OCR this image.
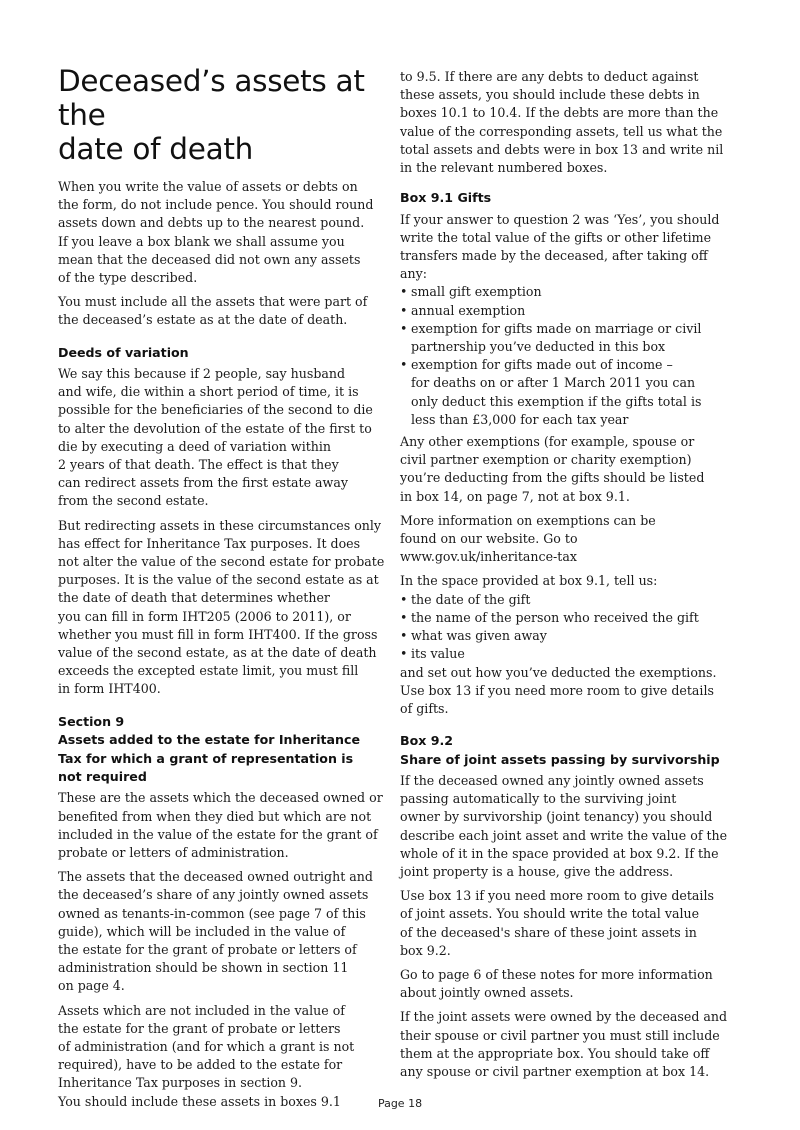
Deceased’s assets at the
date of death

When you write the value of assets or debts on
the form, do not include pence. You should round
assets down and debts up to the nearest pound.
If you leave a box blank we shall assume you
mean that the deceased did not own any assets
of the type described.

You must include all the assets that were part of
the deceased’s estate as at the date of death.

Deeds of variation

We say this because if 2 people, say husband
and wife, die within a short period of time, it is
possible for the beneficiaries of the second to die
to alter the devolution of the estate of the first to
die by executing a deed of variation within
2 years of that death. The effect is that they
can redirect assets from the first estate away
from the second estate.

But redirecting assets in these circumstances only
has effect for Inheritance Tax purposes. It does
not alter the value of the second estate for probate
purposes. It is the value of the second estate as at
the date of death that determines whether
you can fill in form IHT205 (2006 to 2011), or
whether you must fill in form IHT400. If the gross
value of the second estate, as at the date of death
exceeds the excepted estate limit, you must fill
in form IHT400.

Section 9
Assets added to the estate for Inheritance
Tax for which a grant of representation is
not required

These are the assets which the deceased owned or
benefited from when they died but which are not
included in the value of the estate for the grant of
probate or letters of administration.

The assets that the deceased owned outright and
the deceased’s share of any jointly owned assets
owned as tenants-in-common (see page 7 of this
guide), which will be included in the value of
the estate for the grant of probate or letters of
administration should be shown in section 11
on page 4.

Assets which are not included in the value of
the estate for the grant of probate or letters
of administration (and for which a grant is not
required), have to be added to the estate for
Inheritance Tax purposes in section 9.
You should include these assets in boxes 9.1

to 9.5. If there are any debts to deduct against
these assets, you should include these debts in
boxes 10.1 to 10.4. If the debts are more than the
value of the corresponding assets, tell us what the
total assets and debts were in box 13 and write nil
in the relevant numbered boxes.

Box 9.1 Gifts

If your answer to question 2 was ‘Yes’, you should
write the total value of the gifts or other lifetime
transfers made by the deceased, after taking off any:

• small gift exemption
• annual exemption
• exemption for gifts made on marriage or civil
partnership you’ve deducted in this box
• exemption for gifts made out of income –
for deaths on or after 1 March 2011 you can
only deduct this exemption if the gifts total is
less than £3,000 for each tax year

Any other exemptions (for example, spouse or
civil partner exemption or charity exemption)
you’re deducting from the gifts should be listed
in box 14, on page 7, not at box 9.1.

More information on exemptions can be
found on our website. Go to
www.gov.uk/inheritance-tax

In the space provided at box 9.1, tell us:

• the date of the gift
• the name of the person who received the gift
• what was given away
• its value

and set out how you’ve deducted the exemptions.
Use box 13 if you need more room to give details
of gifts.

Box 9.2
Share of joint assets passing by survivorship

If the deceased owned any jointly owned assets
passing automatically to the surviving joint
owner by survivorship (joint tenancy) you should
describe each joint asset and write the value of the
whole of it in the space provided at box 9.2. If the
joint property is a house, give the address.

Use box 13 if you need more room to give details
of joint assets. You should write the total value
of the deceased's share of these joint assets in
box 9.2.

Go to page 6 of these notes for more information
about jointly owned assets.

If the joint assets were owned by the deceased and
their spouse or civil partner you must still include
them at the appropriate box. You should take off
any spouse or civil partner exemption at box 14.

Page 18
